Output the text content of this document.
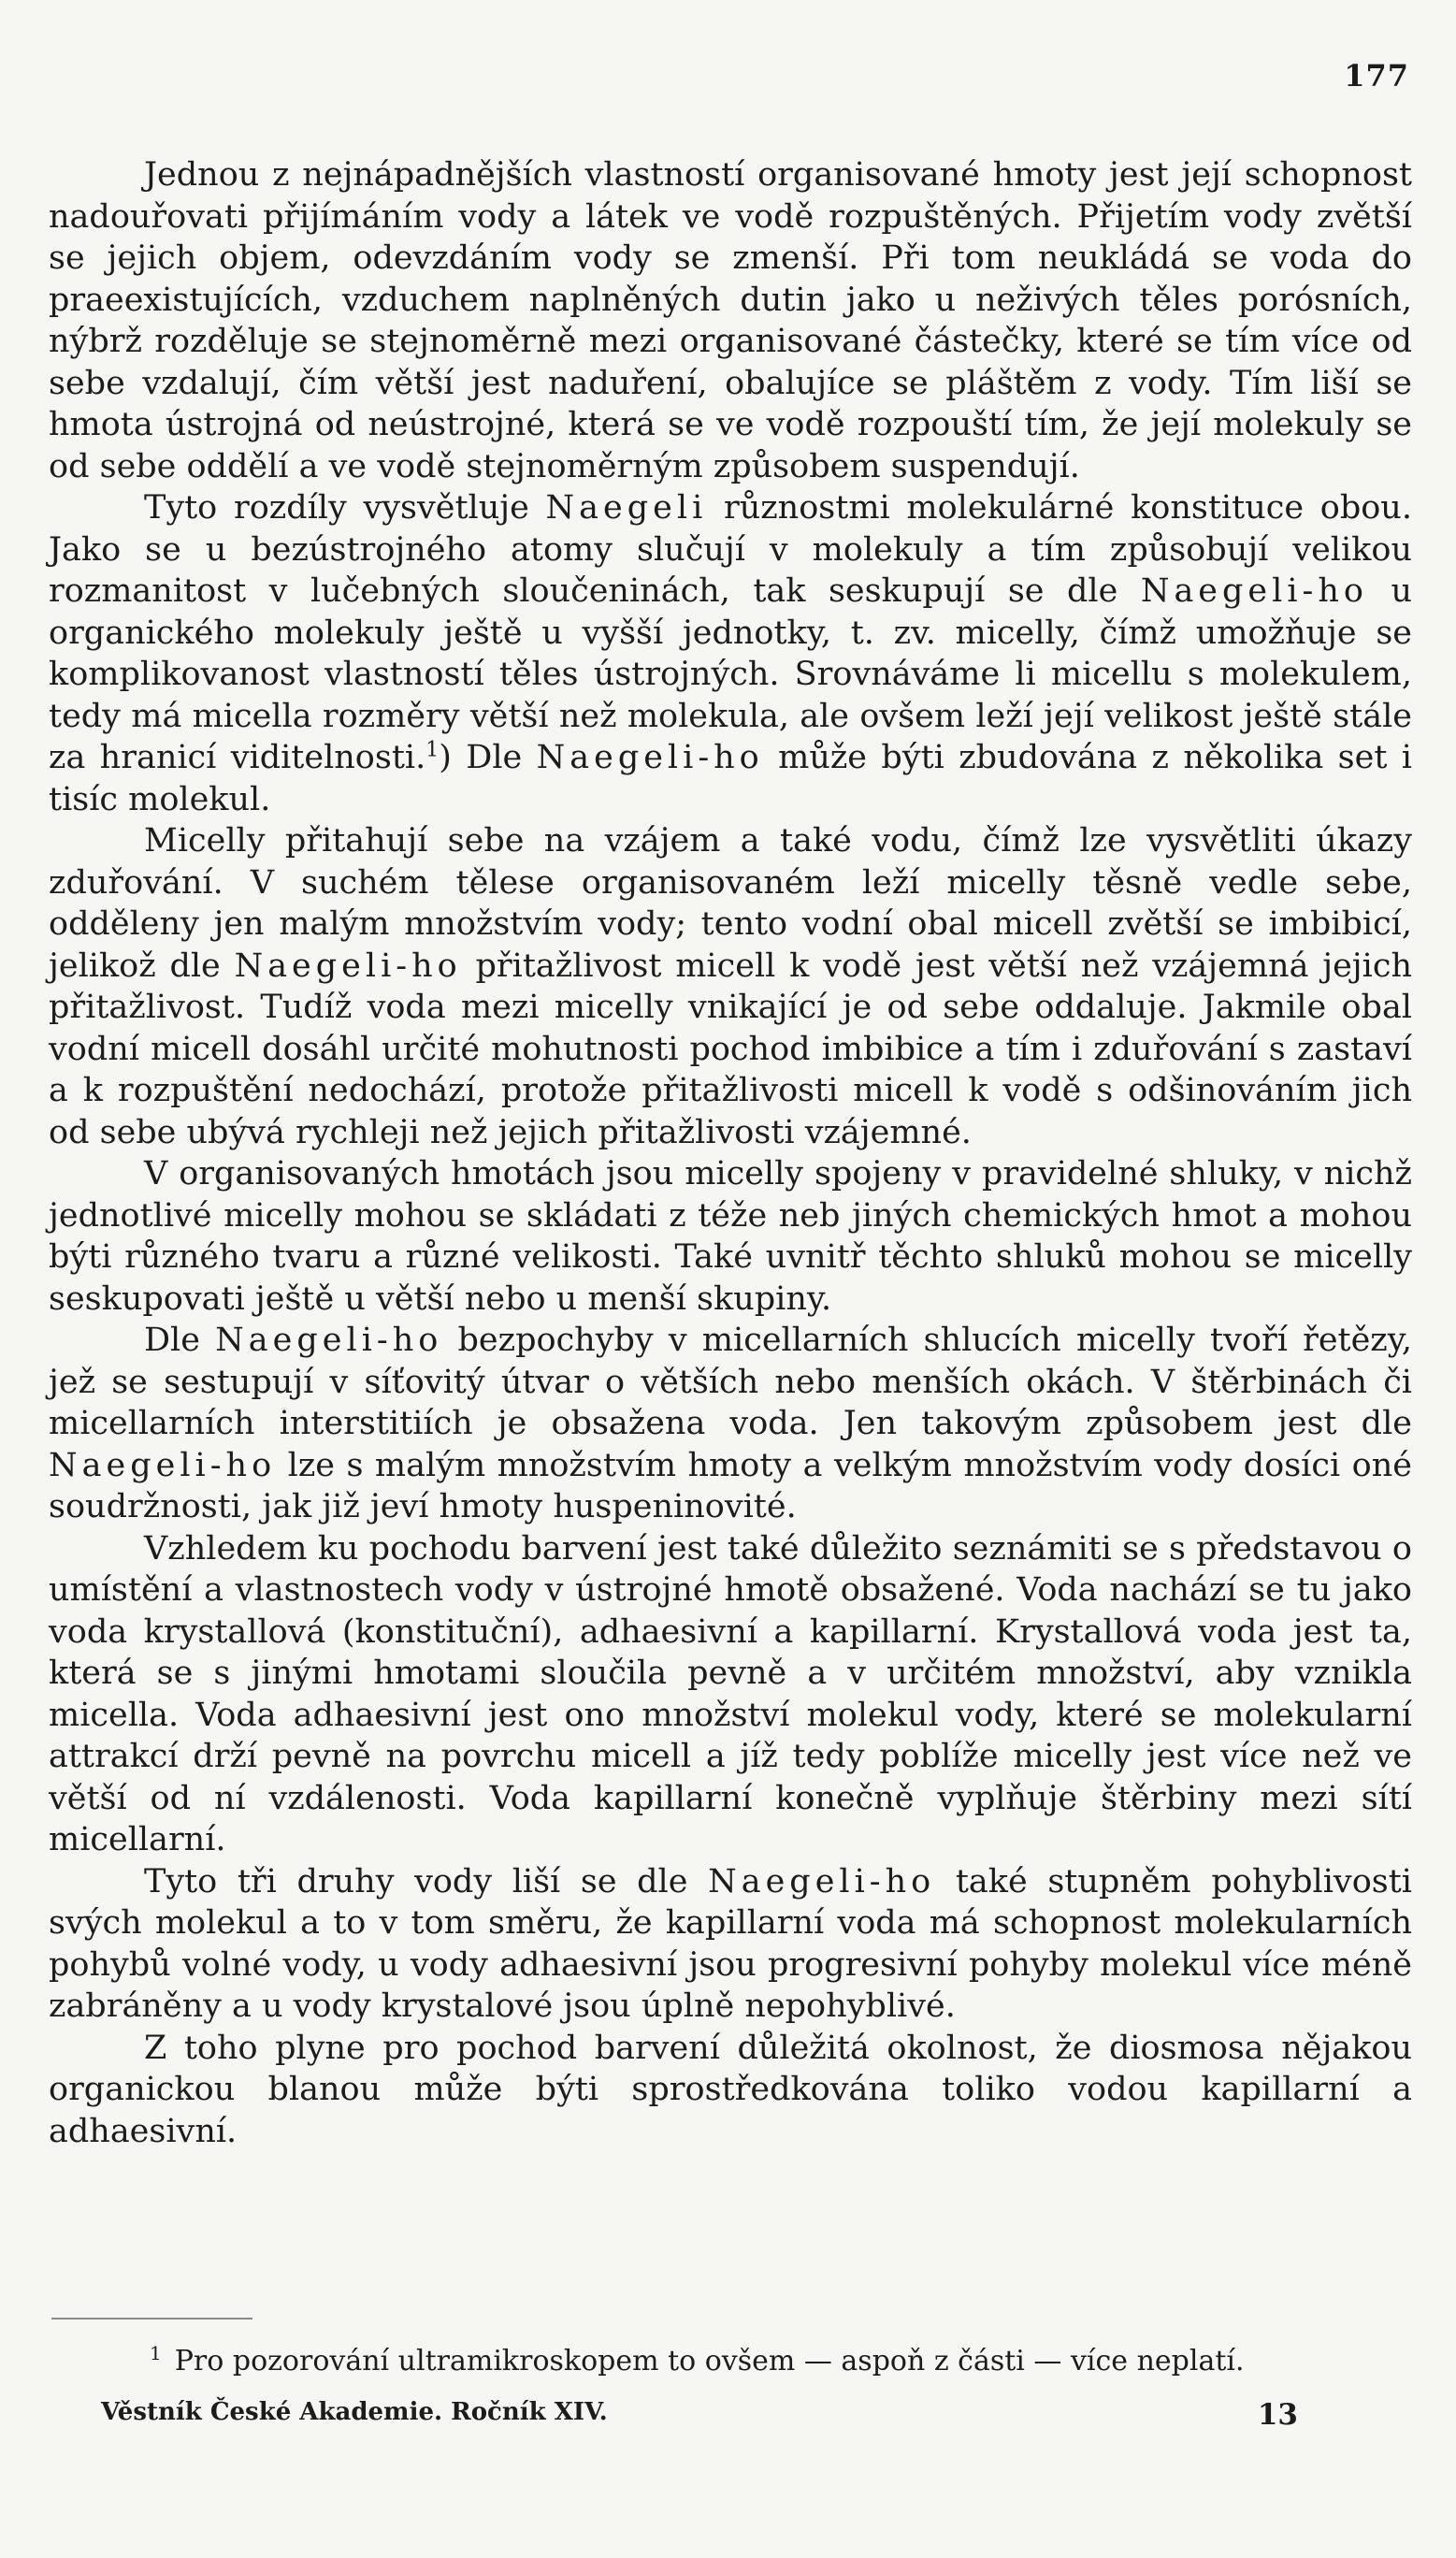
177

Jednou z nejnápadnějších vlastností organisované hmoty jest její schopnost nadouřovati přijímáním vody a látek ve vodě rozpuštěných. Přijetím vody zvětší se jejich objem, odevzdáním vody se zmenší. Při tom neukládá se voda do praeexistujících, vzduchem naplněných dutin jako u neživých těles porósních, nýbrž rozděluje se stejnoměrně mezi organisované částečky, které se tím více od sebe vzdalují, čím větší jest naduření, obalujíce se pláštěm z vody. Tím liší se hmota ústrojná od neústrojné, která se ve vodě rozpouští tím, že její molekuly se od sebe oddělí a ve vodě stejnoměrným způsobem suspendují.

Tyto rozdíly vysvětluje Naegeli různostmi molekulárné konstituce obou. Jako se u bezústrojného atomy slučují v molekuly a tím způsobují velikou rozmanitost v lučebných sloučeninách, tak seskupují se dle Naegeli-ho u organického molekuly ještě u vyšší jednotky, t. zv. micelly, čímž umožňuje se komplikovanost vlastností těles ústrojných. Srovnáváme li micellu s molekulem, tedy má micella rozměry větší než molekula, ale ovšem leží její velikost ještě stále za hranicí viditelnosti.$^1$) Dle Naegeli-ho může býti zbudována z několika set i tisíc molekul.

Micelly přitahují sebe na vzájem a také vodu, čímž lze vysvětliti úkazy zduřování. V suchém tělese organisovaném leží micelly těsně vedle sebe, odděleny jen malým množstvím vody; tento vodní obal micell zvětší se imbibicí, jelikož dle Naegeli-ho přitažlivost micell k vodě jest větší než vzájemná jejich přitažlivost. Tudíž voda mezi micelly vnikající je od sebe oddaluje. Jakmile obal vodní micell dosáhl určité mohutnosti pochod imbibice a tím i zduřování s zastaví a k rozpuštění nedochází, protože přitažlivosti micell k vodě s odšinováním jich od sebe ubývá rychleji než jejich přitažlivosti vzájemné.

V organisovaných hmotách jsou micelly spojeny v pravidelné shluky, v nichž jednotlivé micelly mohou se skládati z téže neb jiných chemických hmot a mohou býti různého tvaru a různé velikosti. Také uvnitř těchto shluků mohou se micelly seskupovati ještě u větší nebo u menší skupiny.

Dle Naegeli-ho bezpochyby v micellarních shlucích micelly tvoří řetězy, jež se sestupují v síťovitý útvar o větších nebo menších okách. V štěrbinách či micellarních interstitiích je obsažena voda. Jen takovým způsobem jest dle Naegeli-ho lze s malým množstvím hmoty a velkým množstvím vody dosíci oné soudržnosti, jak již jeví hmoty huspeninovité.

Vzhledem ku pochodu barvení jest také důležito seznámiti se s představou o umístění a vlastnostech vody v ústrojné hmotě obsažené. Voda nachází se tu jako voda krystallová (konstituční), adhaesivní a kapillarní. Krystallová voda jest ta, která se s jinými hmotami sloučila pevně a v určitém množství, aby vznikla micella. Voda adhaesivní jest ono množství molekul vody, které se molekularní attrakcí drží pevně na povrchu micell a jíž tedy poblíže micelly jest více než ve větší od ní vzdálenosti. Voda kapillarní konečně vyplňuje štěrbiny mezi sítí micellarní.

Tyto tři druhy vody liší se dle Naegeli-ho také stupněm pohyblivosti svých molekul a to v tom směru, že kapillarní voda má schopnost molekularních pohybů volné vody, u vody adhaesivní jsou progresivní pohyby molekul více méně zabráněny a u vody krystalové jsou úplně nepohyblivé.

Z toho plyne pro pochod barvení důležitá okolnost, že diosmosa nějakou organickou blanou může býti sprostředkována toliko vodou kapillarní a adhaesivní.

$^1$ Pro pozorování ultramikroskopem to ovšem — aspoň z části — více neplatí.
Věstník České Akademie. Ročník XIV.	13
